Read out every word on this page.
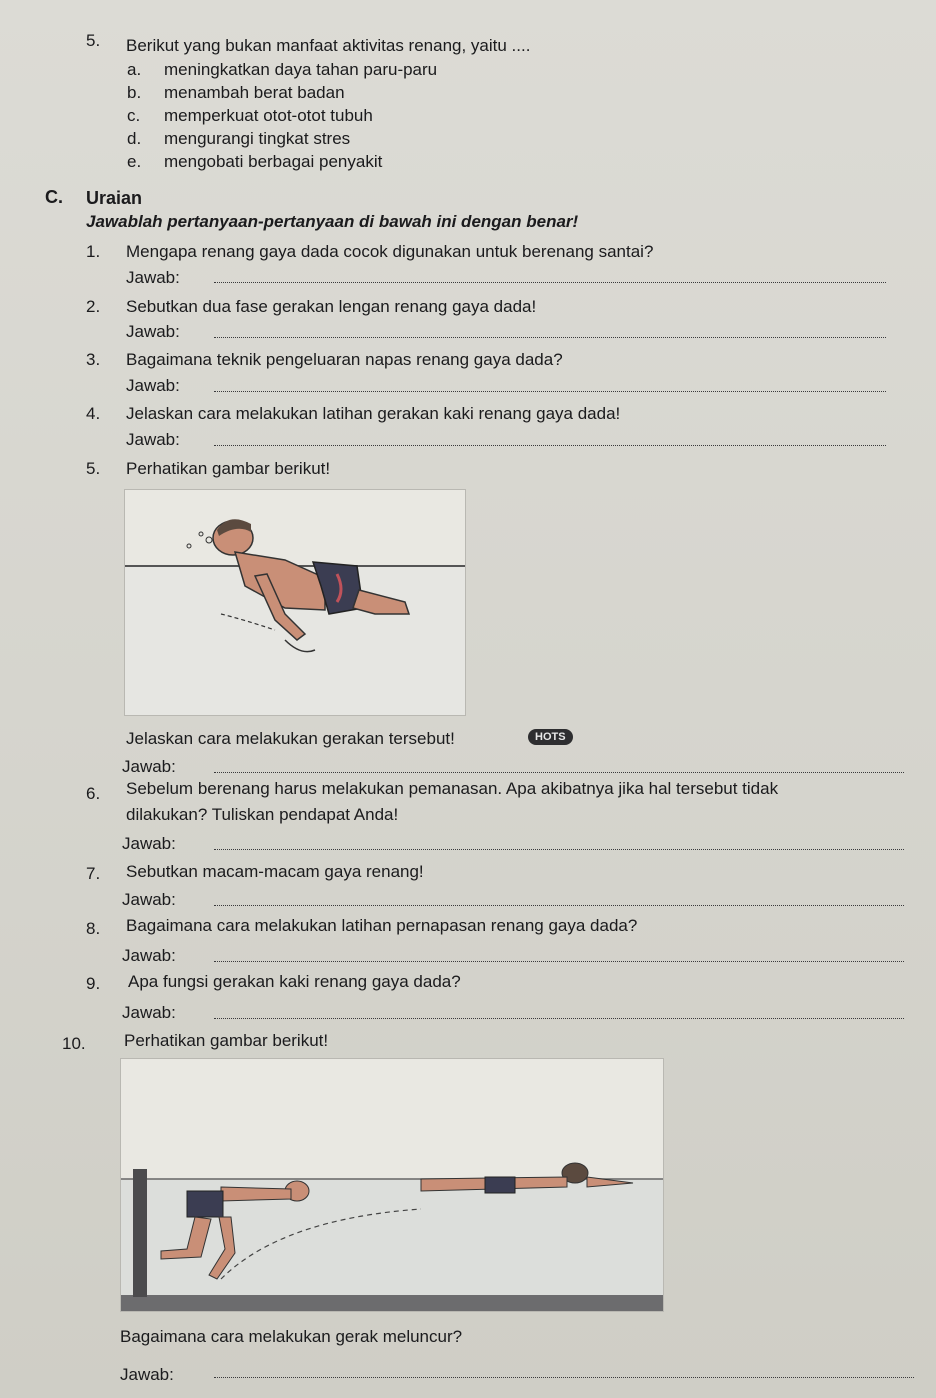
5. Berikut yang bukan manfaat aktivitas renang, yaitu ....
a. meningkatkan daya tahan paru-paru
b. menambah berat badan
c. memperkuat otot-otot tubuh
d. mengurangi tingkat stres
e. mengobati berbagai penyakit
C. Uraian
Jawablah pertanyaan-pertanyaan di bawah ini dengan benar!
1. Mengapa renang gaya dada cocok digunakan untuk berenang santai?
Jawab:
2. Sebutkan dua fase gerakan lengan renang gaya dada!
Jawab:
3. Bagaimana teknik pengeluaran napas renang gaya dada?
Jawab:
4. Jelaskan cara melakukan latihan gerakan kaki renang gaya dada!
Jawab:
5. Perhatikan gambar berikut!
Jelaskan cara melakukan gerakan tersebut!	HOTS
Jawab:
6. Sebelum berenang harus melakukan pemanasan. Apa akibatnya jika hal tersebut tidak
dilakukan? Tuliskan pendapat Anda!
Jawab:
7. Sebutkan macam-macam gaya renang!
Jawab:
8. Bagaimana cara melakukan latihan pernapasan renang gaya dada?
Jawab:
9. Apa fungsi gerakan kaki renang gaya dada?
Jawab:
10. Perhatikan gambar berikut!
Bagaimana cara melakukan gerak meluncur?
Jawab:
